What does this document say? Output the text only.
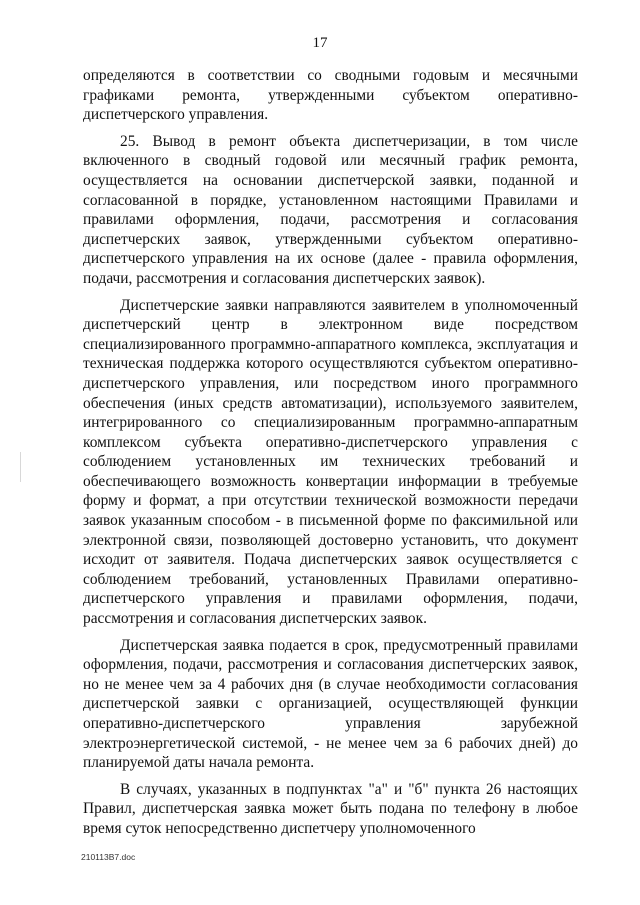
17

определяются в соответствии со сводными годовым и месячными графиками ремонта, утвержденными субъектом оперативно-диспетчерского управления.

25. Вывод в ремонт объекта диспетчеризации, в том числе включенного в сводный годовой или месячный график ремонта, осуществляется на основании диспетчерской заявки, поданной и согласованной в порядке, установленном настоящими Правилами и правилами оформления, подачи, рассмотрения и согласования диспетчерских заявок, утвержденными субъектом оперативно-диспетчерского управления на их основе (далее - правила оформления, подачи, рассмотрения и согласования диспетчерских заявок).

Диспетчерские заявки направляются заявителем в уполномоченный диспетчерский центр в электронном виде посредством специализированного программно-аппаратного комплекса, эксплуатация и техническая поддержка которого осуществляются субъектом оперативно-диспетчерского управления, или посредством иного программного обеспечения (иных средств автоматизации), используемого заявителем, интегрированного со специализированным программно-аппаратным комплексом субъекта оперативно-диспетчерского управления с соблюдением установленных им технических требований и обеспечивающего возможность конвертации информации в требуемые форму и формат, а при отсутствии технической возможности передачи заявок указанным способом - в письменной форме по факсимильной или электронной связи, позволяющей достоверно установить, что документ исходит от заявителя. Подача диспетчерских заявок осуществляется с соблюдением требований, установленных Правилами оперативно-диспетчерского управления и правилами оформления, подачи, рассмотрения и согласования диспетчерских заявок.

Диспетчерская заявка подается в срок, предусмотренный правилами оформления, подачи, рассмотрения и согласования диспетчерских заявок, но не менее чем за 4 рабочих дня (в случае необходимости согласования диспетчерской заявки с организацией, осуществляющей функции оперативно-диспетчерского управления зарубежной электроэнергетической системой, - не менее чем за 6 рабочих дней) до планируемой даты начала ремонта.

В случаях, указанных в подпунктах "а" и "б" пункта 26 настоящих Правил, диспетчерская заявка может быть подана по телефону в любое время суток непосредственно диспетчеру уполномоченного

210113В7.doc
